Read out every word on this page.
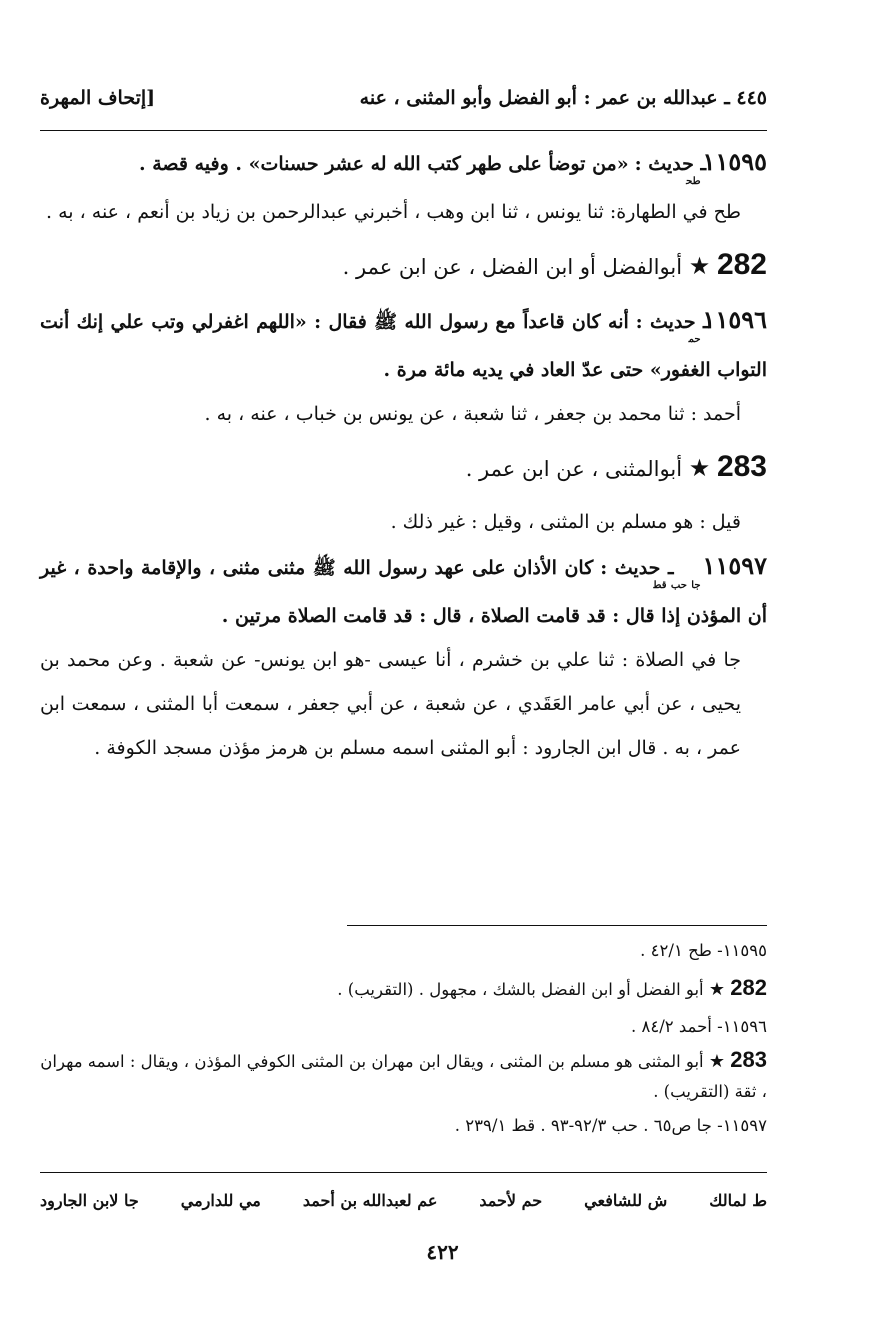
٤٤٥ ـ عبدالله بن عمر : أبو الفضل وأبو المثنى ، عنه
[إتحاف المهرة

$١١٥٩٥_{طح}ـ$ حديث : «من توضأ على طهر كتب الله له عشر حسنات» . وفيه قصة .

طح في الطهارة: ثنا يونس ، ثنا ابن وهب ، أخبرني عبدالرحمن بن زياد بن أنعم ، عنه ، به .

282 ★ أبوالفضل أو ابن الفضل ، عن ابن عمر .

$١١٥٩٦_{حم}ـ$ حديث : أنه كان قاعداً مع رسول الله ﷺ فقال : «اللهم اغفرلي وتب علي إنك أنت التواب الغفور» حتى عدّ العاد في يديه مائة مرة .

أحمد : ثنا محمد بن جعفر ، ثنا شعبة ، عن يونس بن خباب ، عنه ، به .

283 ★ أبوالمثنى ، عن ابن عمر .

قيل : هو مسلم بن المثنى ، وقيل : غير ذلك .

$١١٥٩٧_{جا حب قط}ـ$ حديث : كان الأذان على عهد رسول الله ﷺ مثنى مثنى ، والإقامة واحدة ، غير أن المؤذن إذا قال : قد قامت الصلاة ، قال : قد قامت الصلاة مرتين .

جا في الصلاة : ثنا علي بن خشرم ، أنا عيسى -هو ابن يونس- عن شعبة . وعن محمد بن يحيى ، عن أبي عامر العَقَدي ، عن شعبة ، عن أبي جعفر ، سمعت أبا المثنى ، سمعت ابن عمر ، به . قال ابن الجارود : أبو المثنى اسمه مسلم بن هرمز مؤذن مسجد الكوفة .

١١٥٩٥- طح ٤٢/١ .

282 ★ أبو الفضل أو ابن الفضل بالشك ، مجهول . (التقريب) .

١١٥٩٦- أحمد ٨٤/٢ .

283 ★ أبو المثنى هو مسلم بن المثنى ، ويقال ابن مهران بن المثنى الكوفي المؤذن ، ويقال : اسمه مهران ، ثقة (التقريب) .

١١٥٩٧- جا ص٦٥ . حب ٩٢/٣-٩٣ . قط ٢٣٩/١ .

ط لمالك
ش للشافعي
حم لأحمد
عم لعبدالله بن أحمد
مي للدارمي
جا لابن الجارود
٤٢٢
